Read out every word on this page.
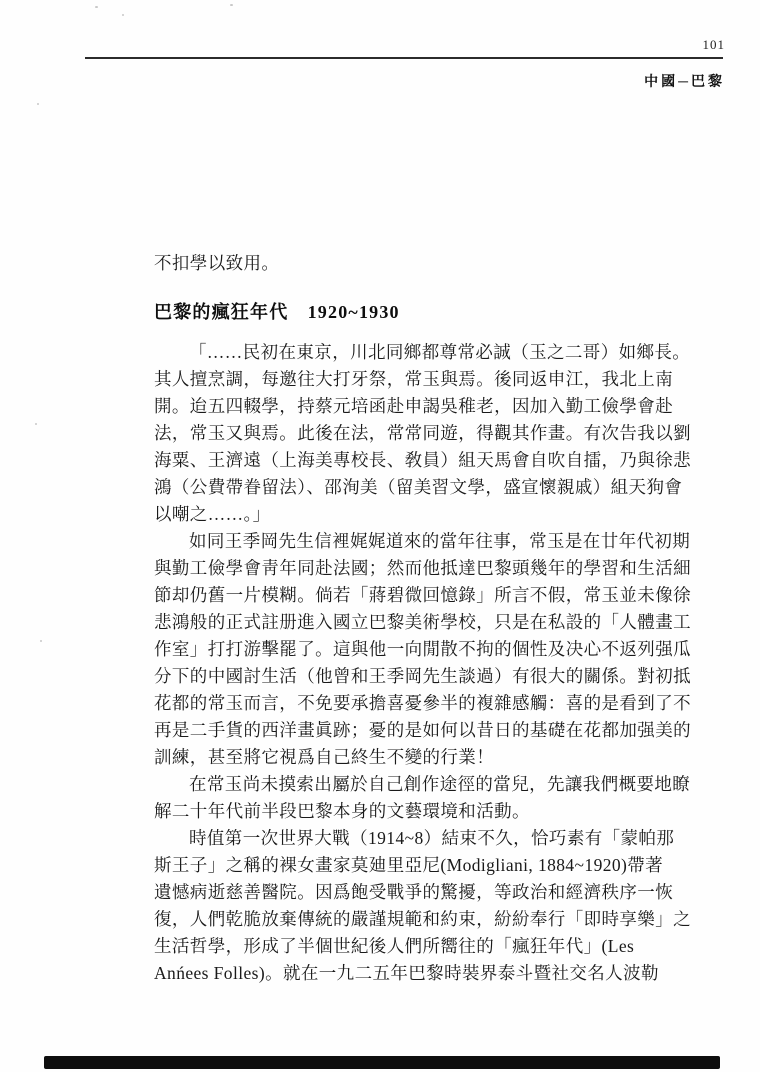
101
中國─巴黎
不扣學以致用。
巴黎的瘋狂年代　1920~1930
「……民初在東京，川北同鄉都尊常必誠（玉之二哥）如鄉長。
其人擅烹調，每邀往大打牙祭，常玉與焉。後同返申江，我北上南
開。迨五四輟學，持蔡元培函赴申謁吳稚老，因加入勤工儉學會赴
法，常玉又與焉。此後在法，常常同遊，得觀其作畫。有次告我以劉
海粟、王濟遠（上海美專校長、敎員）組天馬會自吹自擂，乃與徐悲
鴻（公費帶眷留法）、邵洵美（留美習文學，盛宣懷親戚）組天狗會
以嘲之……。」
如同王季岡先生信裡娓娓道來的當年往事，常玉是在廿年代初期
與勤工儉學會靑年同赴法國；然而他抵達巴黎頭幾年的學習和生活細
節却仍舊一片模糊。倘若「蔣碧微回憶錄」所言不假，常玉並未像徐
悲鴻般的正式註册進入國立巴黎美術學校，只是在私設的「人體畫工
作室」打打游擊罷了。這與他一向閒散不拘的個性及决心不返列强瓜
分下的中國討生活（他曾和王季岡先生談過）有很大的關係。對初抵
花都的常玉而言，不免要承擔喜憂參半的複雜感觸：喜的是看到了不
再是二手貨的西洋畫眞跡；憂的是如何以昔日的基礎在花都加强美的
訓練，甚至將它視爲自己終生不變的行業！
在常玉尚未摸索出屬於自己創作途徑的當兒，先讓我們概要地瞭
解二十年代前半段巴黎本身的文藝環境和活動。
時值第一次世界大戰（1914~8）結束不久，恰巧素有「蒙帕那
斯王子」之稱的裸女畫家莫廸里亞尼(Modigliani, 1884~1920)帶著
遺憾病逝慈善醫院。因爲飽受戰爭的驚擾，等政治和經濟秩序一恢
復，人們乾脆放棄傳統的嚴謹規範和約束，紛紛奉行「即時享樂」之
生活哲學，形成了半個世紀後人們所嚮往的「瘋狂年代」(Les
Anńees Folles)。就在一九二五年巴黎時裝界泰斗暨社交名人波勒
